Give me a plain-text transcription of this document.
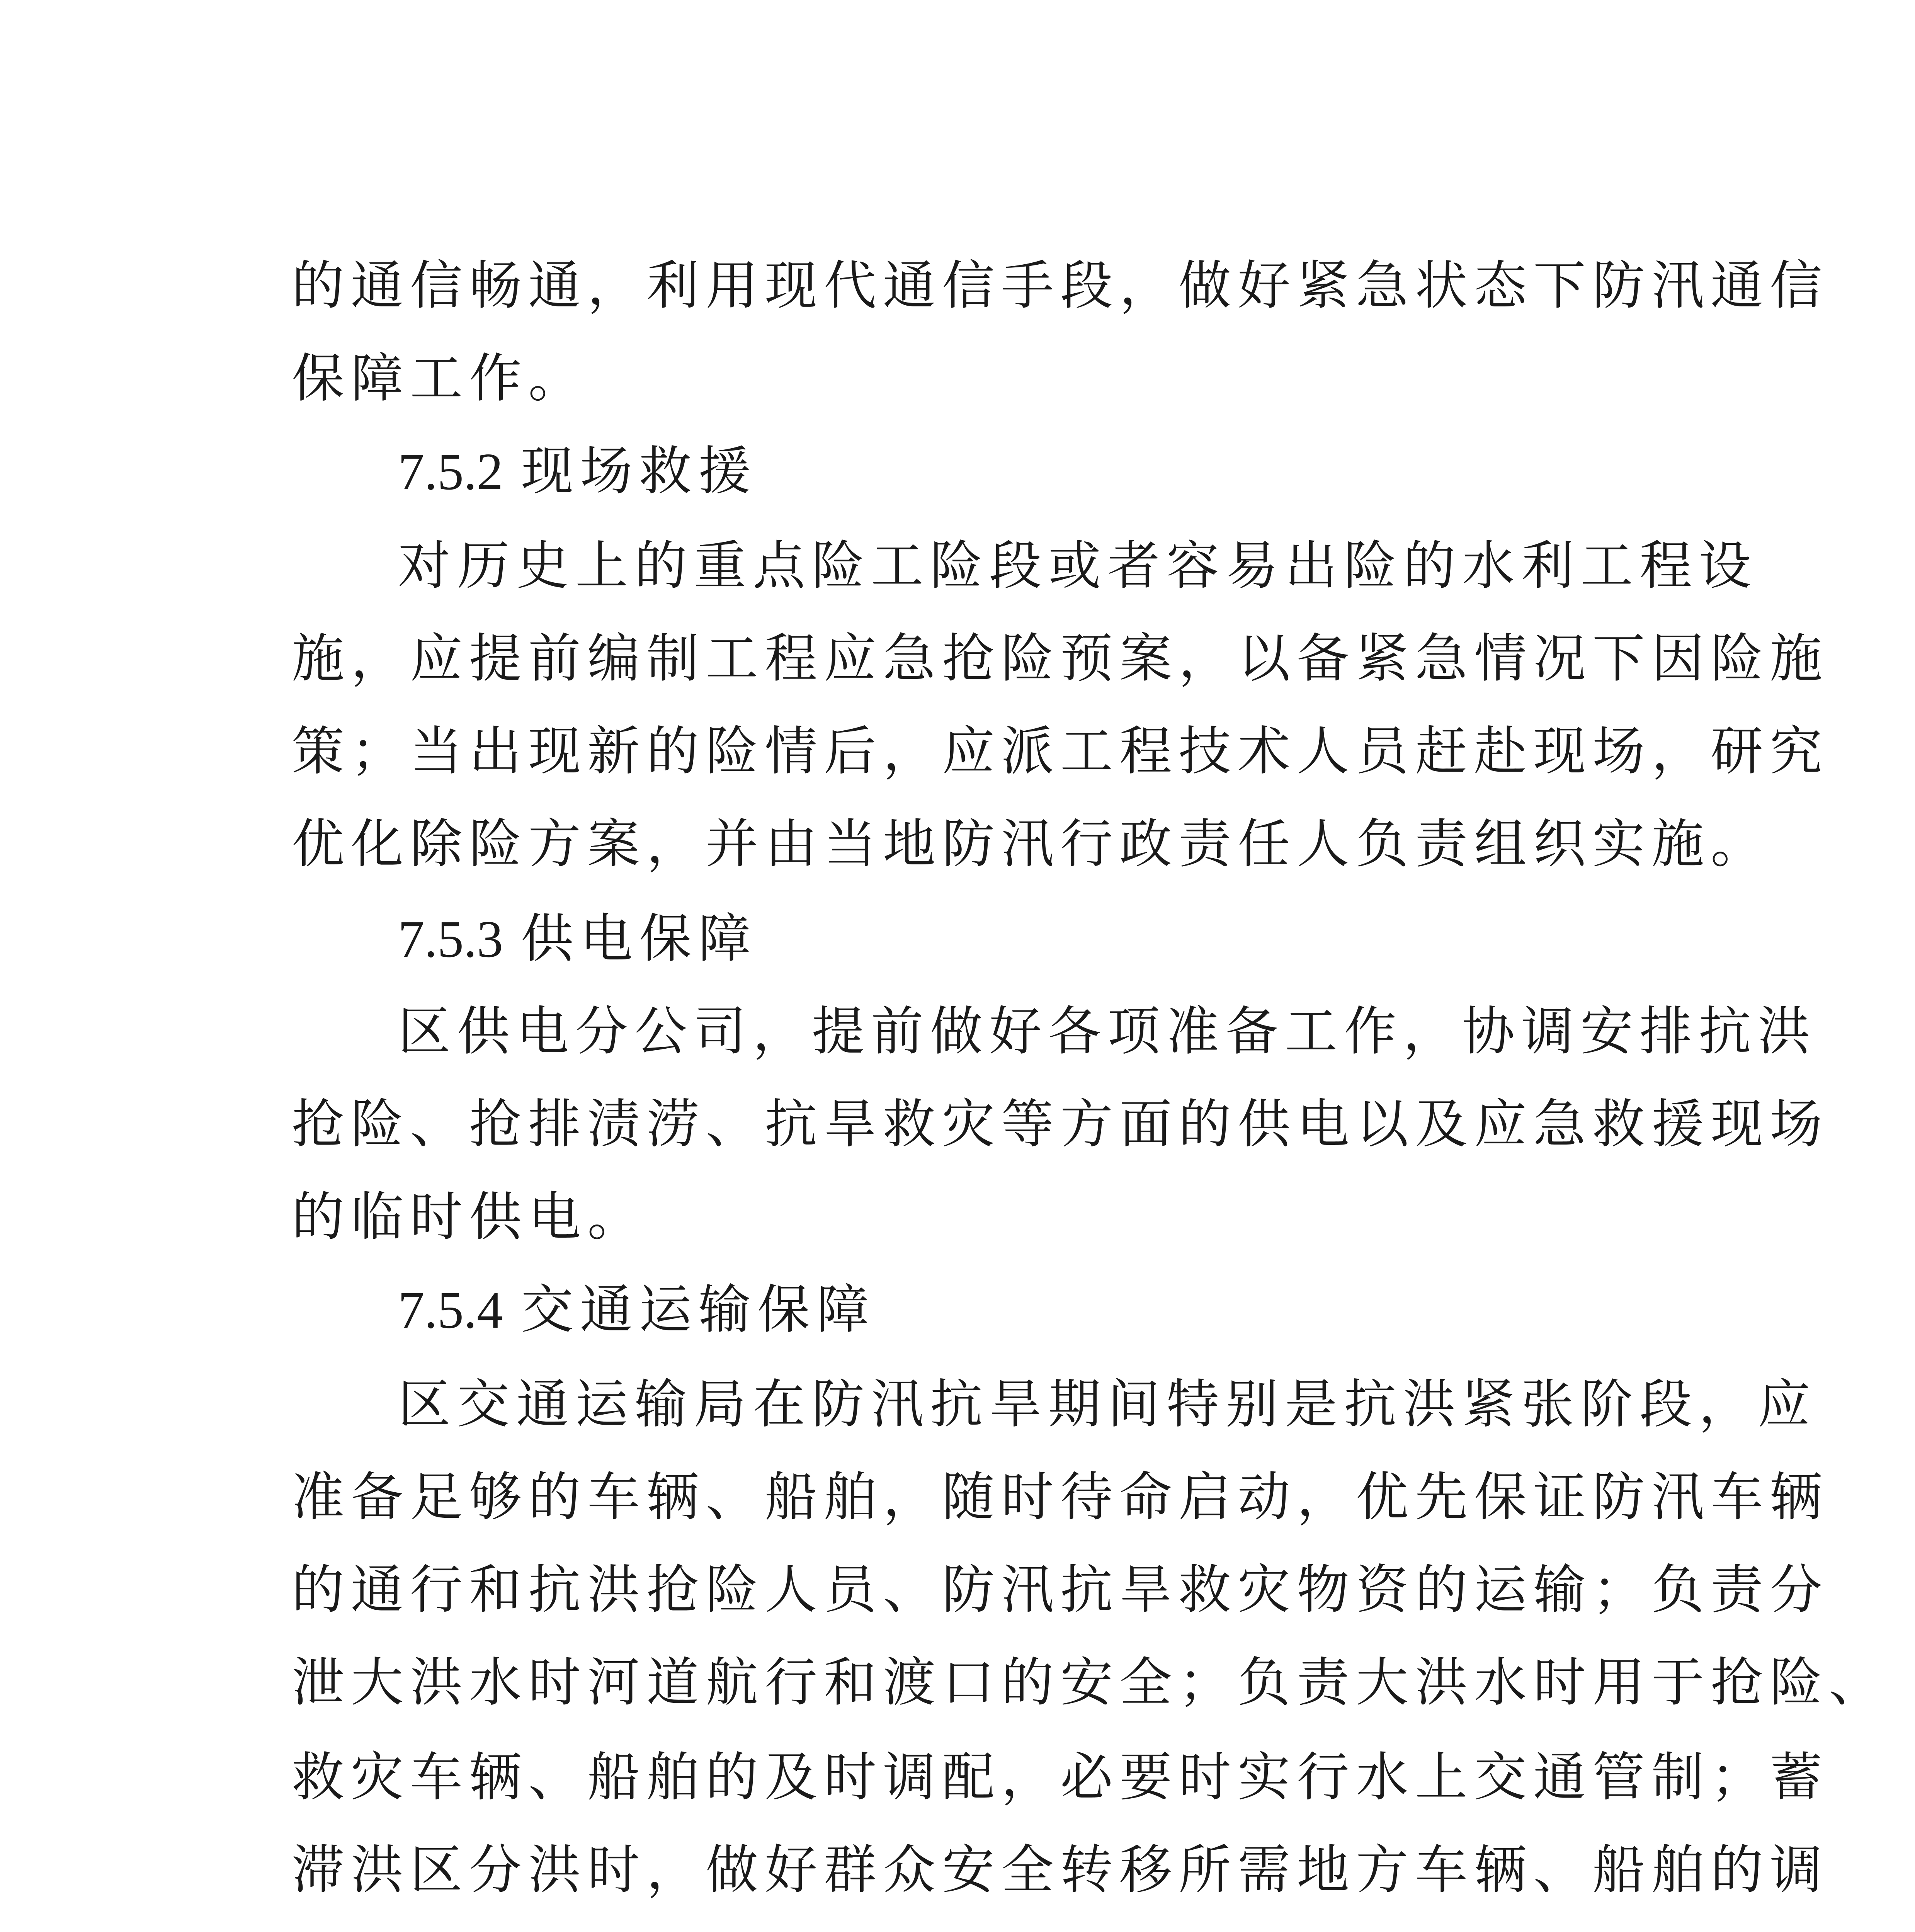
的通信畅通，利用现代通信手段，做好紧急状态下防汛通信
保障工作。
7.5.2 现场救援
对历史上的重点险工险段或者容易出险的水利工程设
施，应提前编制工程应急抢险预案，以备紧急情况下因险施
策；当出现新的险情后，应派工程技术人员赶赴现场，研究
优化除险方案，并由当地防汛行政责任人负责组织实施。
7.5.3 供电保障
区供电分公司，提前做好各项准备工作，协调安排抗洪
抢险、抢排渍涝、抗旱救灾等方面的供电以及应急救援现场
的临时供电。
7.5.4 交通运输保障
区交通运输局在防汛抗旱期间特别是抗洪紧张阶段，应
准备足够的车辆、船舶，随时待命启动，优先保证防汛车辆
的通行和抗洪抢险人员、防汛抗旱救灾物资的运输；负责分
泄大洪水时河道航行和渡口的安全；负责大洪水时用于抢险、
救灾车辆、船舶的及时调配，必要时实行水上交通管制；蓄
滞洪区分洪时，做好群众安全转移所需地方车辆、船舶的调
